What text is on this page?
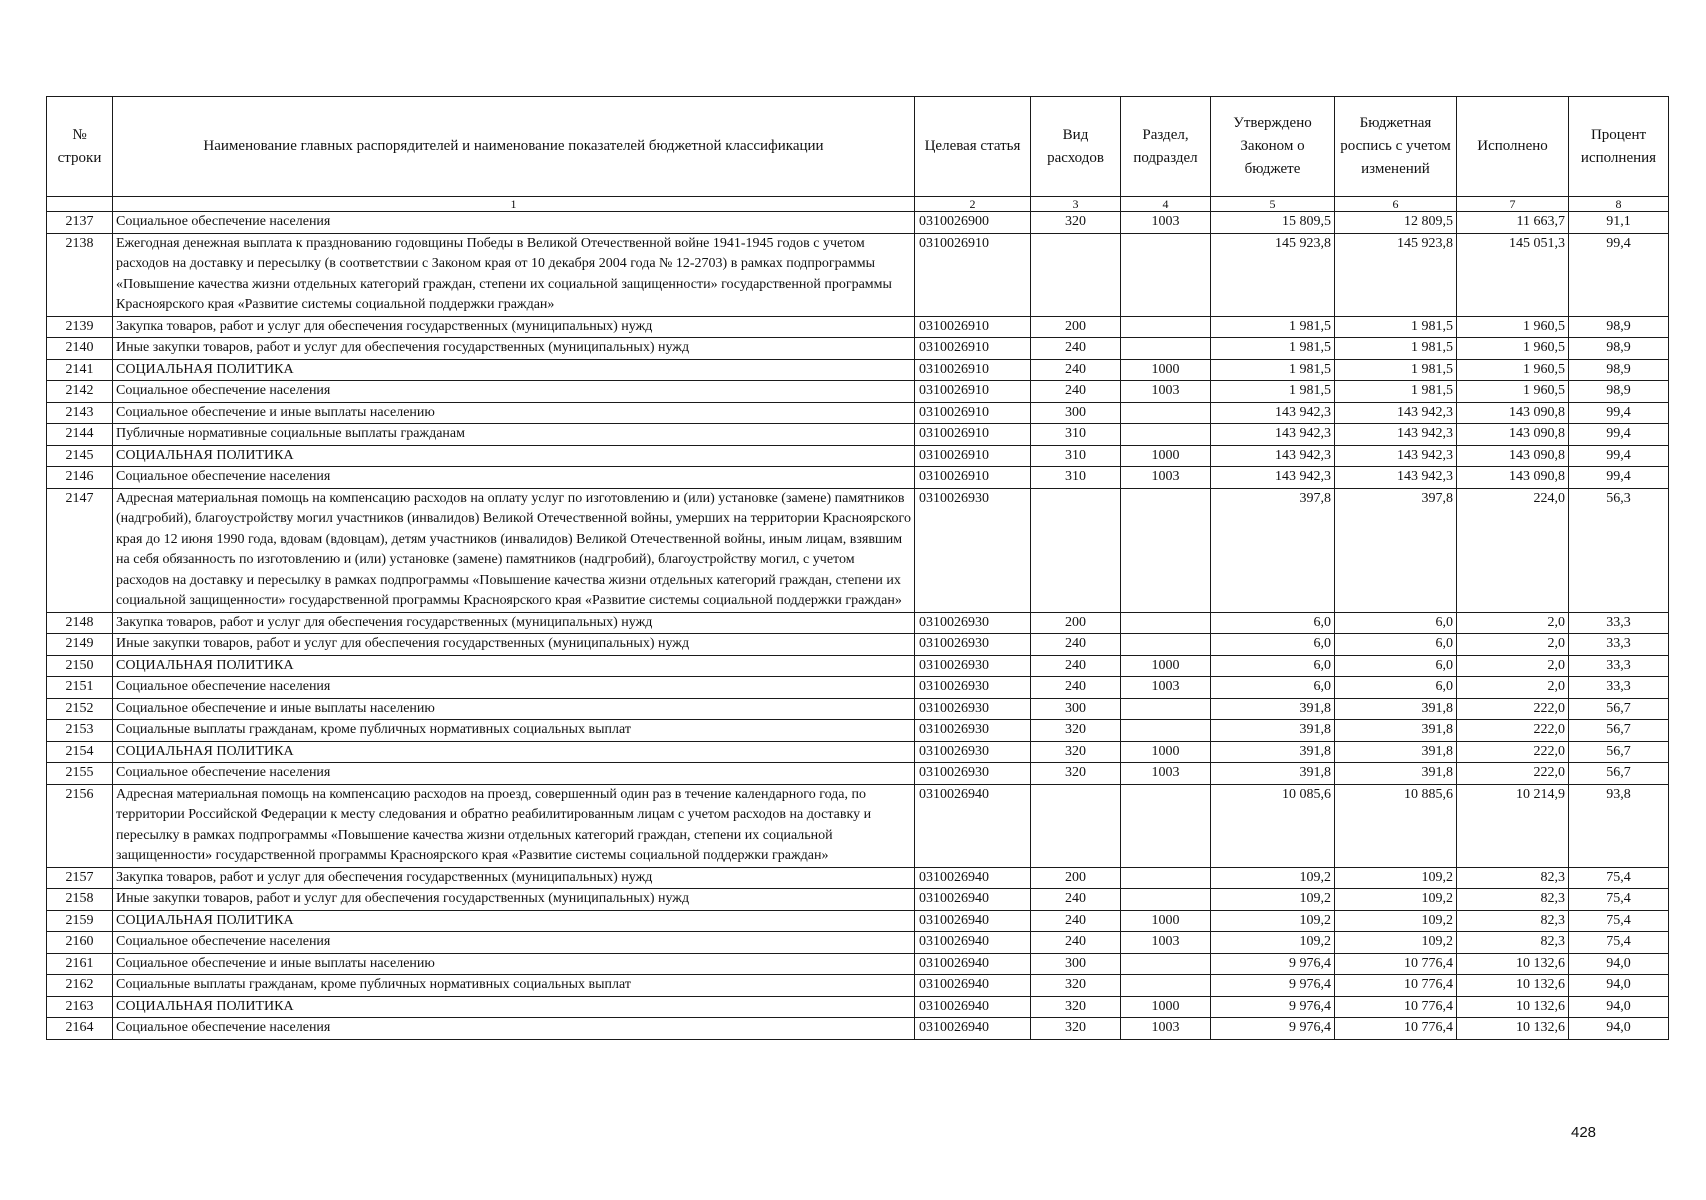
№ строки	Наименование главных распорядителей и наименование показателей бюджетной классификации	Целевая статья	Вид расходов	Раздел, подраздел	Утверждено Законом о бюджете	Бюджетная роспись с учетом изменений	Исполнено	Процент исполнения
	1	2	3	4	5	6	7	8
2137	Социальное обеспечение населения	0310026900	320	1003	15 809,5	12 809,5	11 663,7	91,1
2138	Ежегодная денежная выплата к празднованию годовщины Победы в Великой Отечественной войне 1941-1945 годов с учетом расходов на доставку и пересылку (в соответствии с Законом края от 10 декабря 2004 года № 12-2703) в рамках подпрограммы «Повышение качества жизни отдельных категорий граждан, степени их социальной защищенности» государственной программы Красноярского края «Развитие системы социальной поддержки граждан»	0310026910			145 923,8	145 923,8	145 051,3	99,4
2139	Закупка товаров, работ и услуг для обеспечения государственных (муниципальных) нужд	0310026910	200		1 981,5	1 981,5	1 960,5	98,9
2140	Иные закупки товаров, работ и услуг для обеспечения государственных (муниципальных) нужд	0310026910	240		1 981,5	1 981,5	1 960,5	98,9
2141	СОЦИАЛЬНАЯ ПОЛИТИКА	0310026910	240	1000	1 981,5	1 981,5	1 960,5	98,9
2142	Социальное обеспечение населения	0310026910	240	1003	1 981,5	1 981,5	1 960,5	98,9
2143	Социальное обеспечение и иные выплаты населению	0310026910	300		143 942,3	143 942,3	143 090,8	99,4
2144	Публичные нормативные социальные выплаты гражданам	0310026910	310		143 942,3	143 942,3	143 090,8	99,4
2145	СОЦИАЛЬНАЯ ПОЛИТИКА	0310026910	310	1000	143 942,3	143 942,3	143 090,8	99,4
2146	Социальное обеспечение населения	0310026910	310	1003	143 942,3	143 942,3	143 090,8	99,4
2147	Адресная материальная помощь на компенсацию расходов на оплату услуг по изготовлению и (или) установке (замене) памятников (надгробий), благоустройству могил участников (инвалидов) Великой Отечественной войны, умерших на территории Красноярского края до 12 июня 1990 года, вдовам (вдовцам), детям участников (инвалидов) Великой Отечественной войны, иным лицам, взявшим на себя обязанность по изготовлению и (или) установке (замене) памятников (надгробий), благоустройству могил, с учетом расходов на доставку и пересылку в рамках подпрограммы «Повышение качества жизни отдельных категорий граждан, степени их социальной защищенности» государственной программы Красноярского края «Развитие системы социальной поддержки граждан»	0310026930			397,8	397,8	224,0	56,3
2148	Закупка товаров, работ и услуг для обеспечения государственных (муниципальных) нужд	0310026930	200		6,0	6,0	2,0	33,3
2149	Иные закупки товаров, работ и услуг для обеспечения государственных (муниципальных) нужд	0310026930	240		6,0	6,0	2,0	33,3
2150	СОЦИАЛЬНАЯ ПОЛИТИКА	0310026930	240	1000	6,0	6,0	2,0	33,3
2151	Социальное обеспечение населения	0310026930	240	1003	6,0	6,0	2,0	33,3
2152	Социальное обеспечение и иные выплаты населению	0310026930	300		391,8	391,8	222,0	56,7
2153	Социальные выплаты гражданам, кроме публичных нормативных социальных выплат	0310026930	320		391,8	391,8	222,0	56,7
2154	СОЦИАЛЬНАЯ ПОЛИТИКА	0310026930	320	1000	391,8	391,8	222,0	56,7
2155	Социальное обеспечение населения	0310026930	320	1003	391,8	391,8	222,0	56,7
2156	Адресная материальная помощь на компенсацию расходов на проезд, совершенный один раз в течение календарного года, по территории Российской Федерации к месту следования и обратно реабилитированным лицам с учетом расходов на доставку и пересылку в рамках подпрограммы «Повышение качества жизни отдельных категорий граждан, степени их социальной защищенности» государственной программы Красноярского края «Развитие системы социальной поддержки граждан»	0310026940			10 085,6	10 885,6	10 214,9	93,8
2157	Закупка товаров, работ и услуг для обеспечения государственных (муниципальных) нужд	0310026940	200		109,2	109,2	82,3	75,4
2158	Иные закупки товаров, работ и услуг для обеспечения государственных (муниципальных) нужд	0310026940	240		109,2	109,2	82,3	75,4
2159	СОЦИАЛЬНАЯ ПОЛИТИКА	0310026940	240	1000	109,2	109,2	82,3	75,4
2160	Социальное обеспечение населения	0310026940	240	1003	109,2	109,2	82,3	75,4
2161	Социальное обеспечение и иные выплаты населению	0310026940	300		9 976,4	10 776,4	10 132,6	94,0
2162	Социальные выплаты гражданам, кроме публичных нормативных социальных выплат	0310026940	320		9 976,4	10 776,4	10 132,6	94,0
2163	СОЦИАЛЬНАЯ ПОЛИТИКА	0310026940	320	1000	9 976,4	10 776,4	10 132,6	94,0
2164	Социальное обеспечение населения	0310026940	320	1003	9 976,4	10 776,4	10 132,6	94,0
428
